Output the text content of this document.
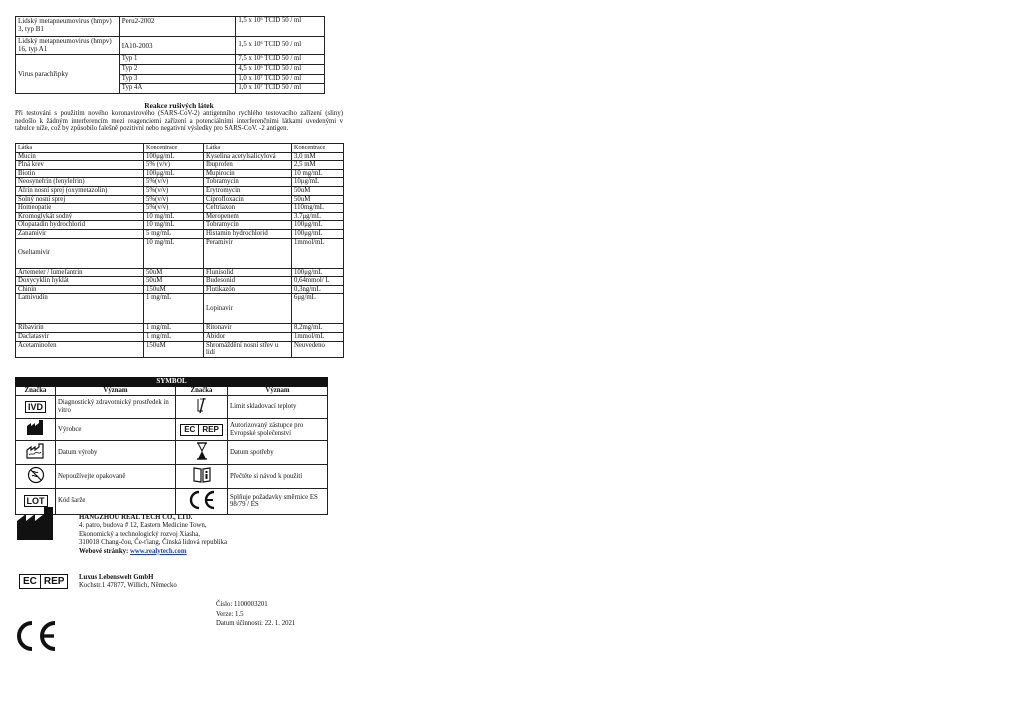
Lidský metapneumovirus (hmpv) 3, typ B1	Peru2-2002	1,5 x 10⁶ TCID 50 / ml
Lidský metapneumovirus (hmpv) 16, typ A1	IA10-2003	1,5 x 10⁶ TCID 50 / ml
Virus parachřipky	Typ 1	7,5 x 10⁶ TCID 50 / ml
	Typ 2	4,5 x 10⁶ TCID 50 / ml
	Typ 3	1,0 x 10⁷ TCID 50 / ml
	Typ 4A	1,0 x 10⁷ TCID 50 / ml
Reakce rušivých látek
Při testování s použitím nového koronavirového (SARS-CoV-2) antigenního rychlého testovacího zařízení (sliny) nedošlo k žádným interferencím mezi reagenciemi zařízení a potenciálními interferenčními látkami uvedenými v tabulce níže, což by způsobilo falešně pozitivní nebo negativní výsledky pro SARS-CoV. -2 antigen.
Látka	Koncentrace	Látka	Koncentrace
Mucin	100μg/mL	Kyselina acetylsalicylová	3,0 mM
Plná krev	5% (v/v)	Ibuprofen	2,5 mM
Biotin	100μg/mL	Mupirocin	10 mg/mL
Neosynefrin (fenylefrin)	5%(v/v)	Tobramycin	10μg/mL
Afrin nosní sprej (oxymetazolin)	5%(v/v)	Erytromycin	50uM
Solný nosní sprej	5%(v/v)	Ciprofloxacin	50uM
Homeopatie	5%(v/v)	Ceftriaxon	110mg/mL
Kromoglykát sodný	10 mg/mL	Meropenem	3.7μg/mL
Olopatadin hydrochlorid	10 mg/mL	Tobramycin	100μg/mL
Zanamivir	5 mg/mL	Histamin hydrochlorid	100μg/mL
Oseltamivir	10 mg/mL	Peramivir	1mmol/mL
Artemeter / lumefantrin	50uM	Flunisolid	100μg/mL
Doxycyklin hyklát	50uM	Budesonid	0,64mmol/ L
Chinin	150uM	Flutikazón	0,3ng/mL
Lamivudin	1 mg/mL	Lopinavir	6μg/mL
Ribavirin	1 mg/mL	Ritonavir	8,2mg/mL
Daclatasvir	1 mg/mL	Abidor	1mmol/mL
Acetaminofen	150uM	Shromáždění nosní střev u lidí	Neuvedeno
SYMBOL			
Značka	Význam	Značka	Význam
IVD	Diagnostický zdravotnický prostředek in vitro		Limit skladovací teploty
	Výrobce	EC REP	Autorizovaný zástupce pro Evropské společenství
	Datum výroby		Datum spotřeby
	Nepoužívejte opakovaně		Přečtěte si návod k použití
LOT	Kód šarže		Splňuje požadavky směrnice ES 98/79 / ES
HANGZHOU REAL TECH CO., LTD.
4. patro, budova # 12, Eastern Medicine Town,
Ekonomický a technologický rozvoj Xiasha,
310018 Chang-čou, Če-ťiang, Čínská lidová republika
Webové stránky: www.realytech.com
EC REP	Luxus Lebenswelt GmbH
Kochstr.1 47877, Willich, Německo
Číslo: 1100003201
Verze: 1.5
Datum účinnosti: 22. 1. 2021
